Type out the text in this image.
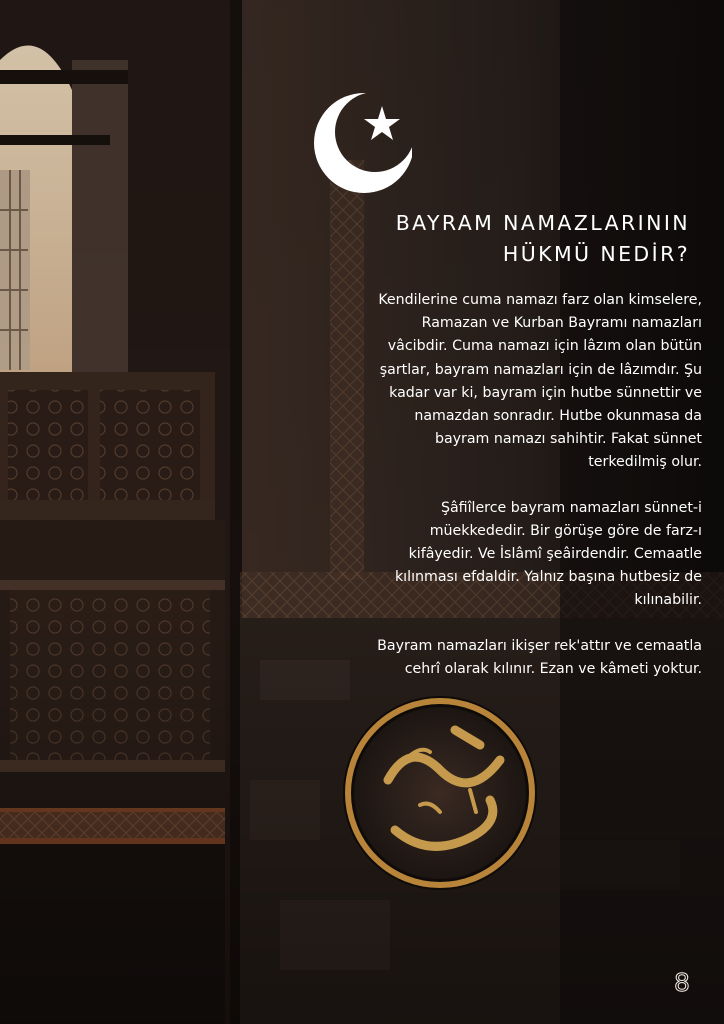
BAYRAM NAMAZLARININ
HÜKMÜ NEDİR?
Kendilerine cuma namazı farz olan kimselere,
Ramazan ve Kurban Bayramı namazları
vâcibdir. Cuma namazı için lâzım olan bütün
şartlar, bayram namazları için de lâzımdır. Şu
kadar var ki, bayram için hutbe sünnettir ve
namazdan sonradır. Hutbe okunmasa da
bayram namazı sahihtir. Fakat sünnet
terkedilmiş olur.
Şâfiîlerce bayram namazları sünnet-i
müekkededir. Bir görüşe göre de farz-ı
kifâyedir. Ve İslâmî şeâirdendir. Cemaatle
kılınması efdaldir. Yalnız başına hutbesiz de
kılınabilir.
Bayram namazları ikişer rek'attır ve cemaatla
cehrî olarak kılınır. Ezan ve kâmeti yoktur.
8
